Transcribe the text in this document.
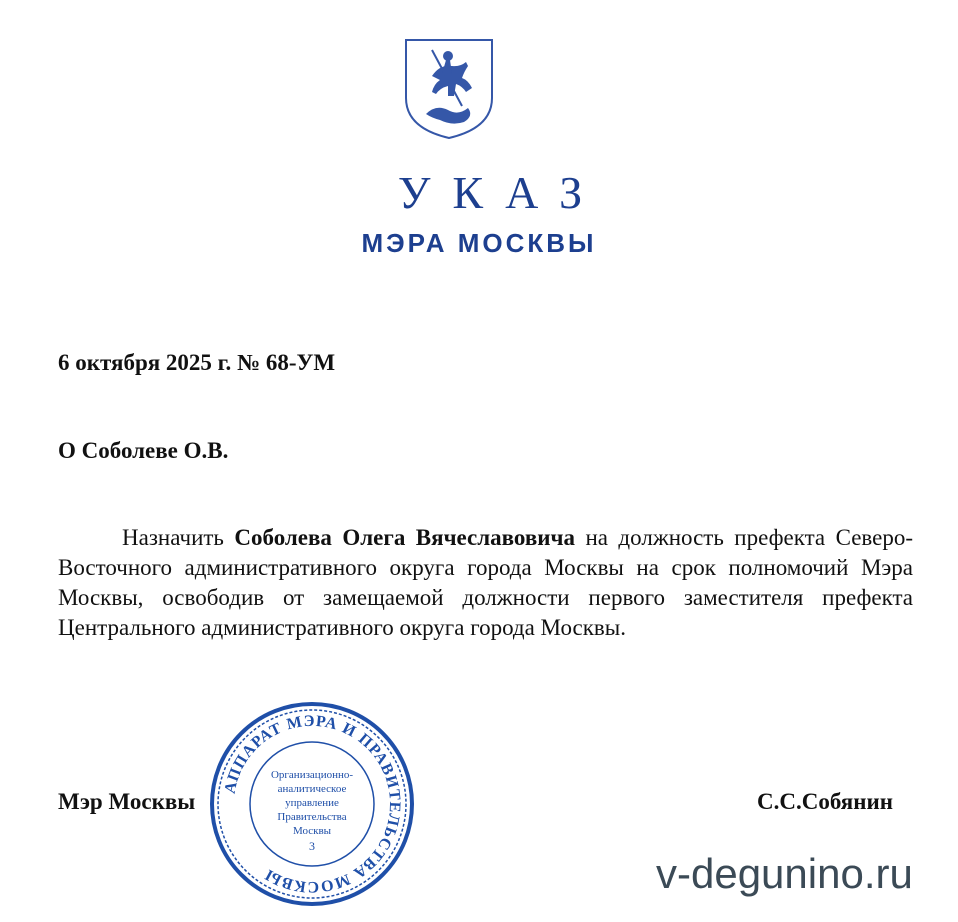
УКАЗ
МЭРА МОСКВЫ
6 октября 2025 г. № 68-УМ
О Соболеве О.В.
Назначить Соболева Олега Вячеславовича на должность префекта Северо-Восточного административного округа города Москвы на срок полномочий Мэра Москвы, освободив от замещаемой должности первого заместителя префекта Центрального административного округа города Москвы.
Мэр Москвы	С.С.Собянин
АППАРАТ МЭРА И ПРАВИТЕЛЬСТВА МОСКВЫ
Организационно-
аналитическое
управление
Правительства
Москвы
3
v-degunino.ru
